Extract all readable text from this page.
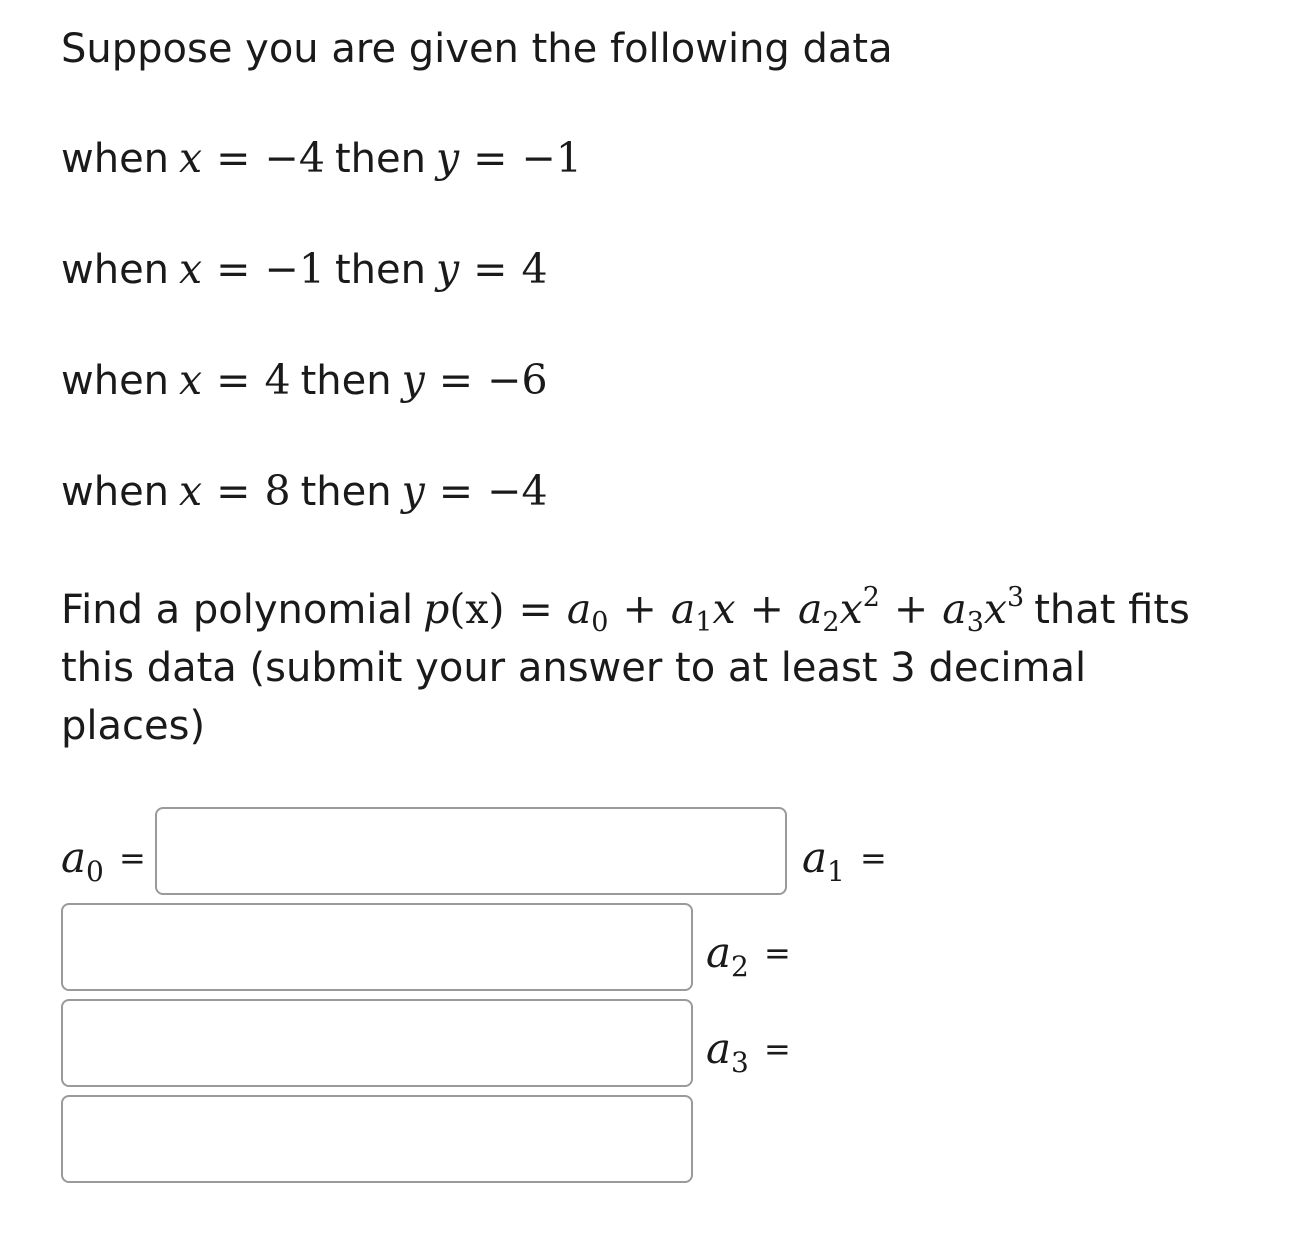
Suppose you are given the following data
when x = −4 then y = −1
when x = −1 then y = 4
when x = 4 then y = −6
when x = 8 then y = −4
Find a polynomial $p(x) = a_0 + a_1x + a_2x^2 + a_3x^3$ that fits this data (submit your answer to at least 3 decimal places)
$a_0$ =	$a_1$ =
$a_2$ =
$a_3$ =
